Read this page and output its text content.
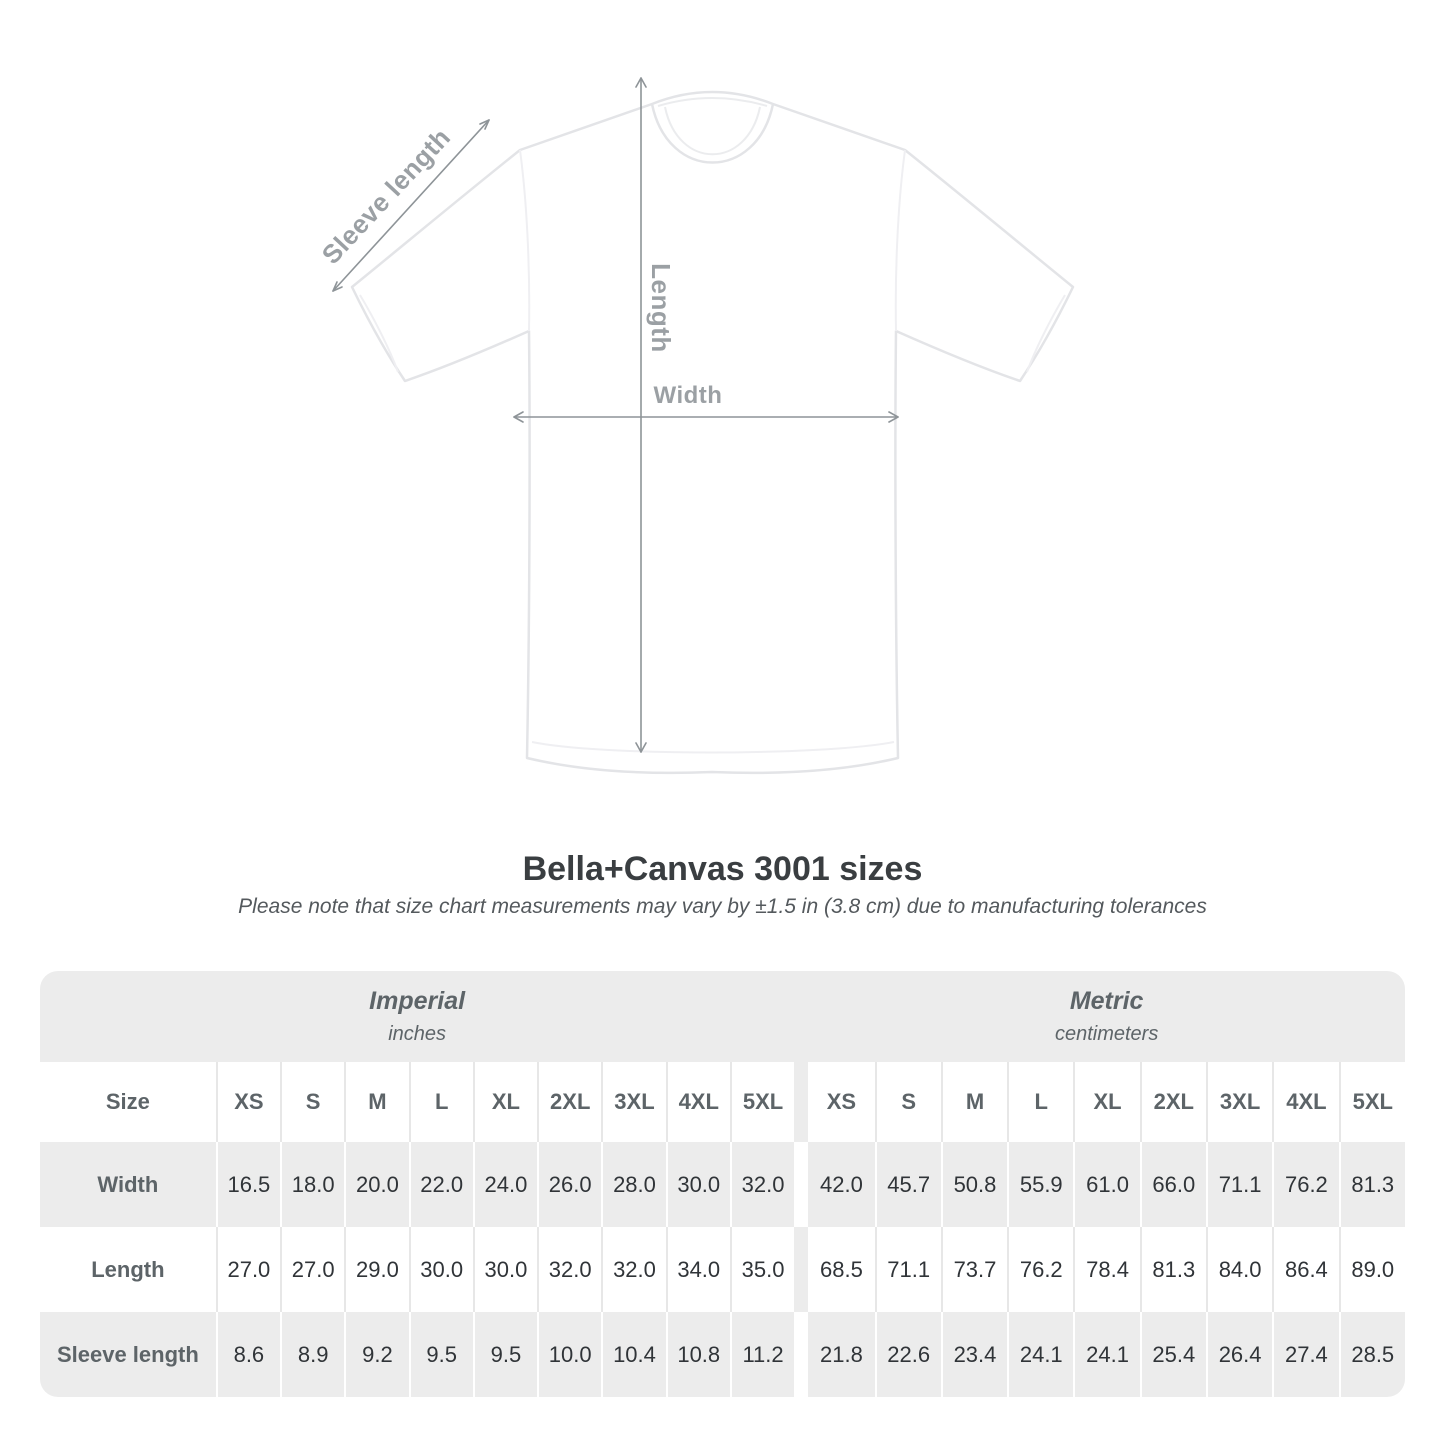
Sleeve length
Length
Width
Bella+Canvas 3001 sizes
Please note that size chart measurements may vary by ±1.5 in (3.8 cm) due to manufacturing tolerances
Imperial
inches

Metric
centimeters

Size	XS	S	M	L	XL	2XL	3XL	4XL	5XL		XS	S	M	L	XL	2XL	3XL	4XL	5XL
Width	16.5	18.0	20.0	22.0	24.0	26.0	28.0	30.0	32.0		42.0	45.7	50.8	55.9	61.0	66.0	71.1	76.2	81.3
Length	27.0	27.0	29.0	30.0	30.0	32.0	32.0	34.0	35.0		68.5	71.1	73.7	76.2	78.4	81.3	84.0	86.4	89.0
Sleeve length	8.6	8.9	9.2	9.5	9.5	10.0	10.4	10.8	11.2		21.8	22.6	23.4	24.1	24.1	25.4	26.4	27.4	28.5
